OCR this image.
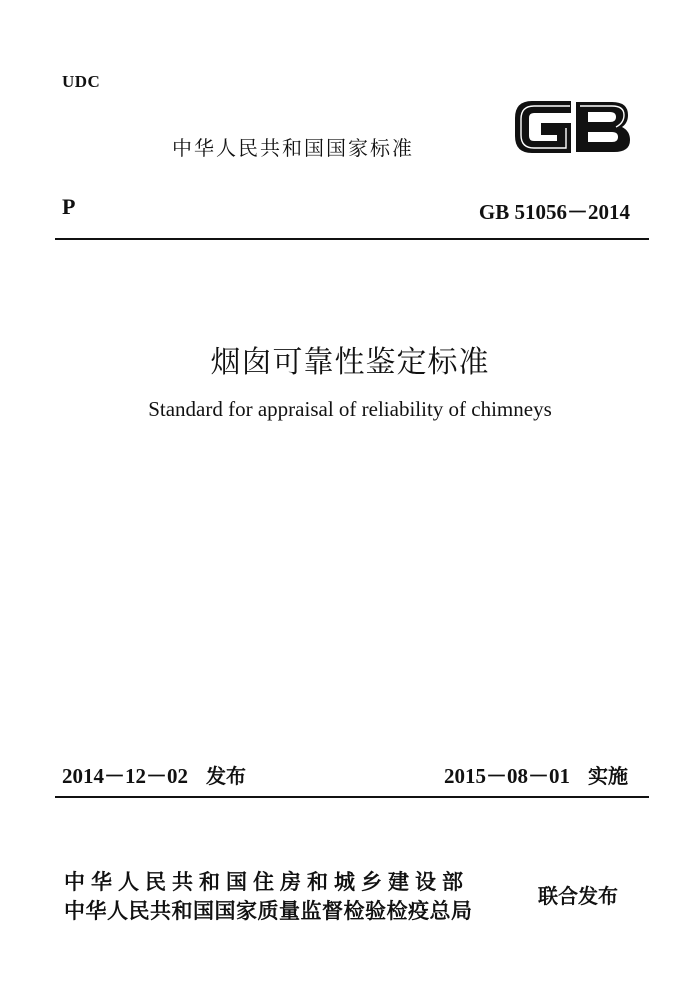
UDC
中华人民共和国国家标准
P	GB 51056－2014
烟囱可靠性鉴定标准
Standard for appraisal of reliability of chimneys
2014－12－02 发布	2015－08－01 实施
中华人民共和国住房和城乡建设部
中华人民共和国国家质量监督检验检疫总局
联合发布
